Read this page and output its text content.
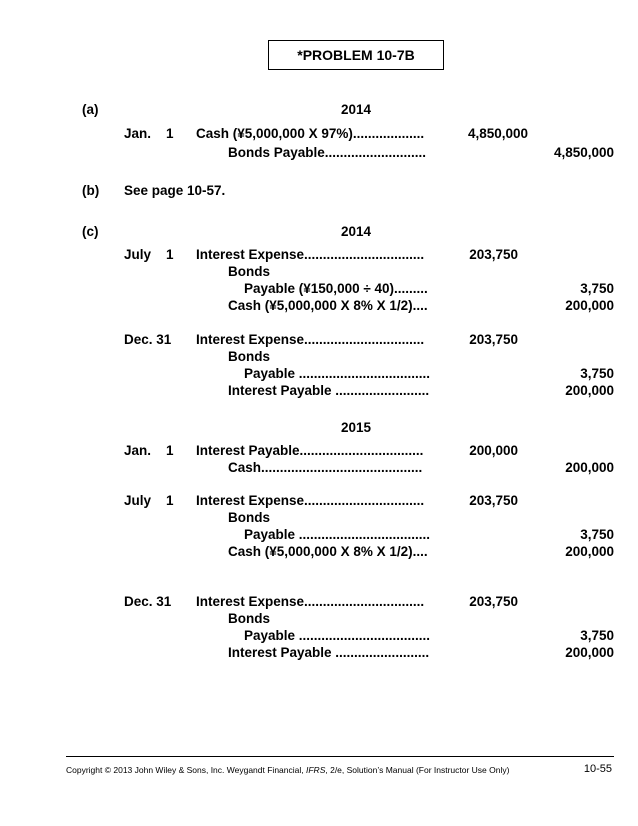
*PROBLEM 10-7B
(a)	2014
Jan. 1 Cash (¥5,000,000 X 97%)...................	4,850,000
Bonds Payable...........................	4,850,000
(b) See page 10-57.
(c)	2014
July 1 Interest Expense................................	203,750
Bonds
Payable (¥150,000 ÷ 40).........	3,750
Cash (¥5,000,000 X 8% X 1/2)....	200,000
Dec. 31 Interest Expense................................	203,750
Bonds
Payable ...................................	3,750
Interest Payable .........................	200,000
2015
Jan. 1 Interest Payable.................................	200,000
Cash...........................................	200,000
July 1 Interest Expense................................	203,750
Bonds
Payable ...................................	3,750
Cash (¥5,000,000 X 8% X 1/2)....	200,000
Dec. 31 Interest Expense................................	203,750
Bonds
Payable ...................................	3,750
Interest Payable .........................	200,000
Copyright © 2013 John Wiley & Sons, Inc. Weygandt Financial, IFRS, 2/e, Solution’s Manual (For Instructor Use Only)	10-55
